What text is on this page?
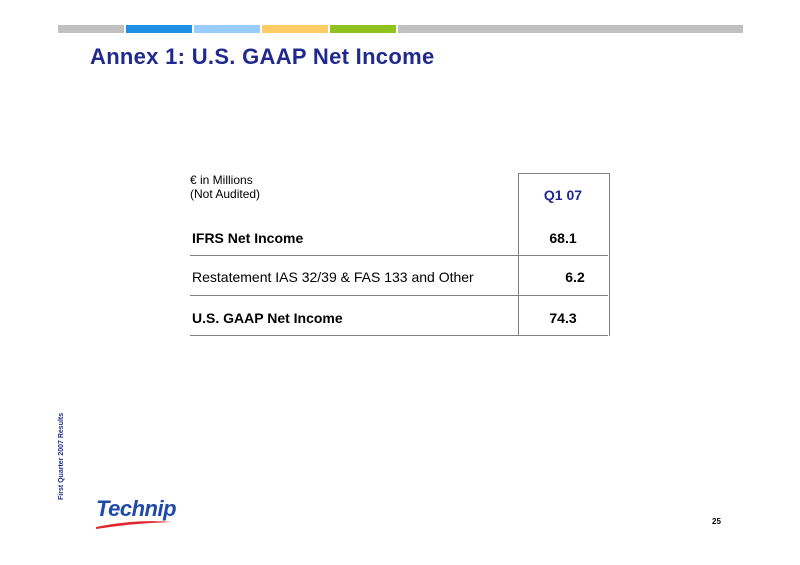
Annex 1: U.S. GAAP Net Income
€ in Millions
(Not Audited)	Q1 07
IFRS Net Income	68.1
Restatement IAS 32/39 & FAS 133 and Other	6.2
U.S. GAAP Net Income	74.3
First Quarter 2007 Results
Technip
25
